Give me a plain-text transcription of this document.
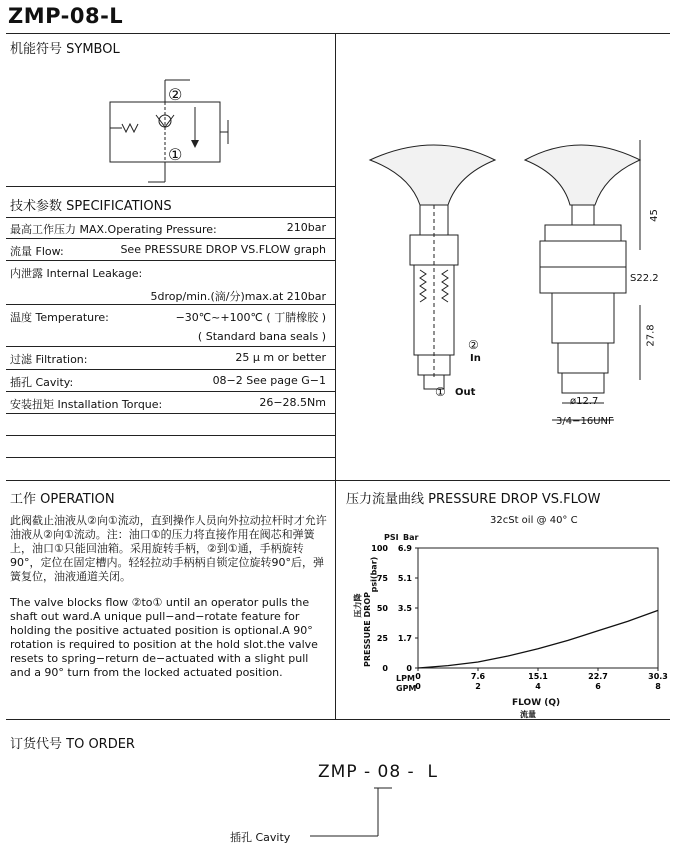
ZMP-08-L
机能符号 SYMBOL
②
①
技术参数 SPECIFICATIONS
最高工作压力 MAX.Operating Pressure:	210bar
流量 Flow:	See PRESSURE DROP VS.FLOW graph
内泄露 Internal Leakage:
5drop/min.(滴/分)max.at 210bar
温度 Temperature:	−30℃~+100℃ ( 丁腈橡胶 )
( Standard bana seals )
过滤 Filtration:	25 μ m or better
插孔 Cavity:	08−2 See page G−1
安装扭矩 Installation Torque:	26−28.5Nm
45
S22.2
27.8
ø12.7
3/4−16UNF
②
In
① Out
工作 OPERATION
此阀截止油液从②向①流动，直到操作人员向外拉动拉杆时才允许油液从②向①流动。注：油口①的压力将直接作用在阀芯和弹簧上，油口①只能回油箱。采用旋转手柄，②到①通，手柄旋转90°，定位在固定槽内。轻轻拉动手柄柄自锁定位旋转90°后，弹簧复位，油液通道关闭。
The valve blocks flow ②to① until an operator pulls the shaft out ward.A unique pull−and−rotate feature for holding the positive actuated position is optional.A 90° rotation is required to position at the hold slot.the valve resets to spring−return de−actuated with a slight pull and a 90° turn from the locked actuated position.
压力流量曲线 PRESSURE DROP VS.FLOW
32cSt oil @ 40° C
PSI Bar
压力降 PRESSURE DROP
psi(bar)
LPM
GPM
FLOW (Q)
流量
100 6.9
75 5.1
50 3.5
25 1.7
0 0
0	7.6	15.1	22.7	30.3
0	2	4	6	8
订货代号 TO ORDER
ZMP - 08 -  L
插孔 Cavity
